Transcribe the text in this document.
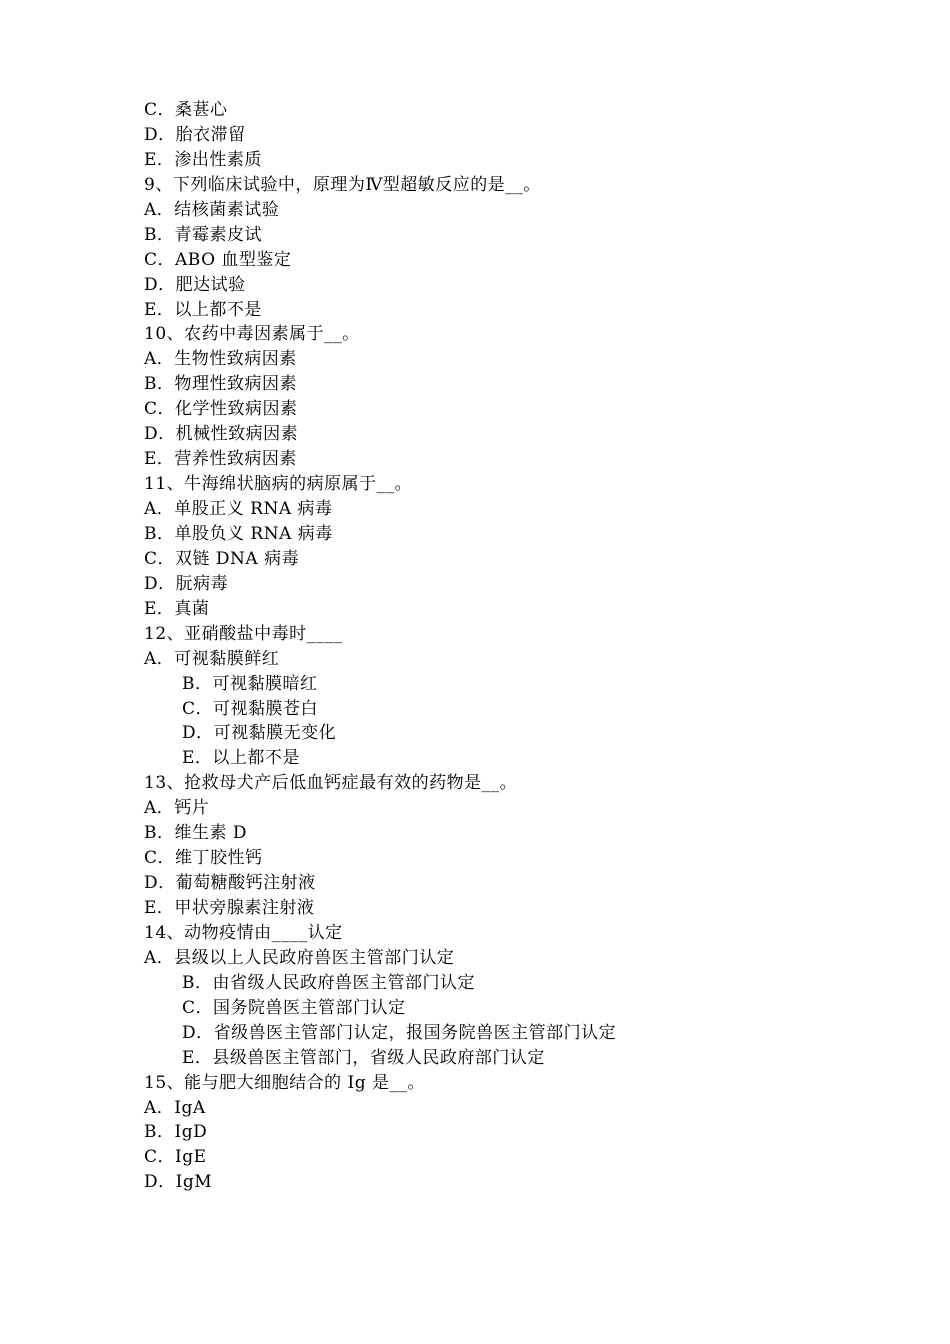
C．桑葚心
D．胎衣滞留
E．渗出性素质
9、下列临床试验中，原理为Ⅳ型超敏反应的是__。
A．结核菌素试验
B．青霉素皮试
C．ABO 血型鉴定
D．肥达试验
E．以上都不是
10、农药中毒因素属于__。
A．生物性致病因素
B．物理性致病因素
C．化学性致病因素
D．机械性致病因素
E．营养性致病因素
11、牛海绵状脑病的病原属于__。
A．单股正义 RNA 病毒
B．单股负义 RNA 病毒
C．双链 DNA 病毒
D．朊病毒
E．真菌
12、亚硝酸盐中毒时____
A．可视黏膜鲜红
B．可视黏膜暗红
C．可视黏膜苍白
D．可视黏膜无变化
E．以上都不是
13、抢救母犬产后低血钙症最有效的药物是__。
A．钙片
B．维生素 D
C．维丁胶性钙
D．葡萄糖酸钙注射液
E．甲状旁腺素注射液
14、动物疫情由____认定
A．县级以上人民政府兽医主管部门认定
B．由省级人民政府兽医主管部门认定
C．国务院兽医主管部门认定
D．省级兽医主管部门认定，报国务院兽医主管部门认定
E．县级兽医主管部门，省级人民政府部门认定
15、能与肥大细胞结合的 Ig 是__。
A．IgA
B．IgD
C．IgE
D．IgM
